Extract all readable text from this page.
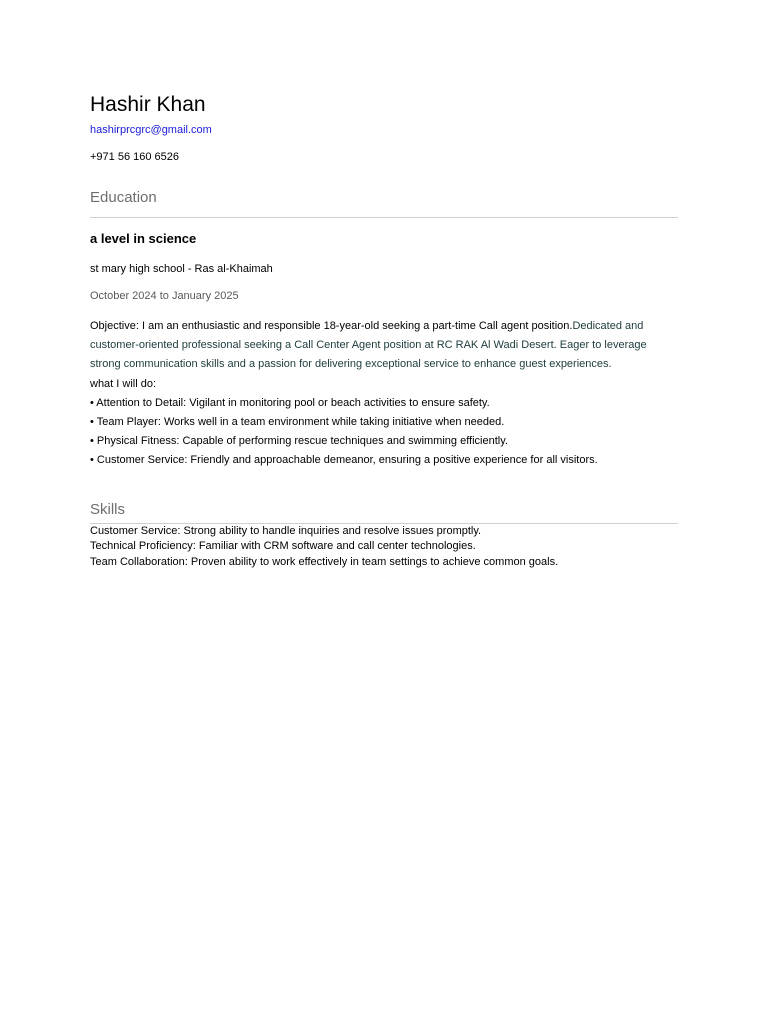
Hashir Khan
hashirprcgrc@gmail.com
+971 56 160 6526
Education
a level in science
st mary high school - Ras al-Khaimah
October 2024 to January 2025
Objective: I am an enthusiastic and responsible 18-year-old seeking a part-time Call agent position.Dedicated and customer-oriented professional seeking a Call Center Agent position at RC RAK Al Wadi Desert. Eager to leverage strong communication skills and a passion for delivering exceptional service to enhance guest experiences.
what I will do:
• Attention to Detail: Vigilant in monitoring pool or beach activities to ensure safety.
• Team Player: Works well in a team environment while taking initiative when needed.
• Physical Fitness: Capable of performing rescue techniques and swimming efficiently.
• Customer Service: Friendly and approachable demeanor, ensuring a positive experience for all visitors.
Skills
Customer Service: Strong ability to handle inquiries and resolve issues promptly.
Technical Proficiency: Familiar with CRM software and call center technologies.
Team Collaboration: Proven ability to work effectively in team settings to achieve common goals.
